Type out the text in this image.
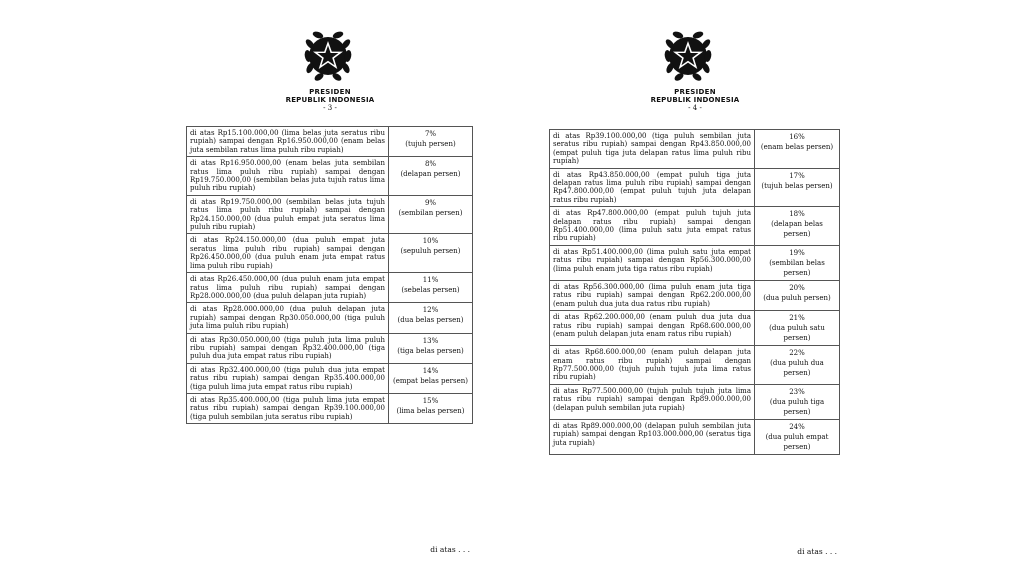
PRESIDEN
REPUBLIK INDONESIA
- 3 -
di atas Rp15.100.000,00 (lima belas juta seratus ribu rupiah) sampai dengan Rp16.950.000,00 (enam belas juta sembilan ratus lima puluh ribu rupiah)	7%
(tujuh persen)

di atas Rp16.950.000,00 (enam belas juta sembilan ratus lima puluh ribu rupiah) sampai dengan Rp19.750.000,00 (sembilan belas juta tujuh ratus lima puluh ribu rupiah)	8%
(delapan persen)

di atas Rp19.750.000,00 (sembilan belas juta tujuh ratus lima puluh ribu rupiah) sampai dengan Rp24.150.000,00 (dua puluh empat juta seratus lima puluh ribu rupiah)	9%
(sembilan persen)

di atas Rp24.150.000,00 (dua puluh empat juta seratus lima puluh ribu rupiah) sampai dengan Rp26.450.000,00 (dua puluh enam juta empat ratus lima puluh ribu rupiah)	10%
(sepuluh persen)

di atas Rp26.450.000,00 (dua puluh enam juta empat ratus lima puluh ribu rupiah) sampai dengan Rp28.000.000,00 (dua puluh delapan juta rupiah)	11%
(sebelas persen)

di atas Rp28.000.000,00 (dua puluh delapan juta rupiah) sampai dengan Rp30.050.000,00 (tiga puluh juta lima puluh ribu rupiah)	12%
(dua belas persen)

di atas Rp30.050.000,00 (tiga puluh juta lima puluh ribu rupiah) sampai dengan Rp32.400.000,00 (tiga puluh dua juta empat ratus ribu rupiah)	13%
(tiga belas persen)

di atas Rp32.400.000,00 (tiga puluh dua juta empat ratus ribu rupiah) sampai dengan Rp35.400.000,00 (tiga puluh lima juta empat ratus ribu rupiah)	14%
(empat belas persen)

di atas Rp35.400.000,00 (tiga puluh lima juta empat ratus ribu rupiah) sampai dengan Rp39.100.000,00 (tiga puluh sembilan juta seratus ribu rupiah)	15%
(lima belas persen)
di atas . . .
PRESIDEN
REPUBLIK INDONESIA
- 4 -
di atas Rp39.100.000,00 (tiga puluh sembilan juta seratus ribu rupiah) sampai dengan Rp43.850.000,00 (empat puluh tiga juta delapan ratus lima puluh ribu rupiah)	16%
(enam belas persen)

di atas Rp43.850.000,00 (empat puluh tiga juta delapan ratus lima puluh ribu rupiah) sampai dengan Rp47.800.000,00 (empat puluh tujuh juta delapan ratus ribu rupiah)	17%
(tujuh belas persen)

di atas Rp47.800.000,00 (empat puluh tujuh juta delapan ratus ribu rupiah) sampai dengan Rp51.400.000,00 (lima puluh satu juta empat ratus ribu rupiah)	18%
(delapan belas persen)

di atas Rp51.400.000,00 (lima puluh satu juta empat ratus ribu rupiah) sampai dengan Rp56.300.000,00 (lima puluh enam juta tiga ratus ribu rupiah)	19%
(sembilan belas persen)

di atas Rp56.300.000,00 (lima puluh enam juta tiga ratus ribu rupiah) sampai dengan Rp62.200.000,00 (enam puluh dua juta dua ratus ribu rupiah)	20%
(dua puluh persen)

di atas Rp62.200.000,00 (enam puluh dua juta dua ratus ribu rupiah) sampai dengan Rp68.600.000,00 (enam puluh delapan juta enam ratus ribu rupiah)	21%
(dua puluh satu persen)

di atas Rp68.600.000,00 (enam puluh delapan juta enam ratus ribu rupiah) sampai dengan Rp77.500.000,00 (tujuh puluh tujuh juta lima ratus ribu rupiah)	22%
(dua puluh dua persen)

di atas Rp77.500.000,00 (tujuh puluh tujuh juta lima ratus ribu rupiah) sampai dengan Rp89.000.000,00 (delapan puluh sembilan juta rupiah)	23%
(dua puluh tiga persen)

di atas Rp89.000.000,00 (delapan puluh sembilan juta rupiah) sampai dengan Rp103.000.000,00 (seratus tiga juta rupiah)	24%
(dua puluh empat persen)
di atas . . .
